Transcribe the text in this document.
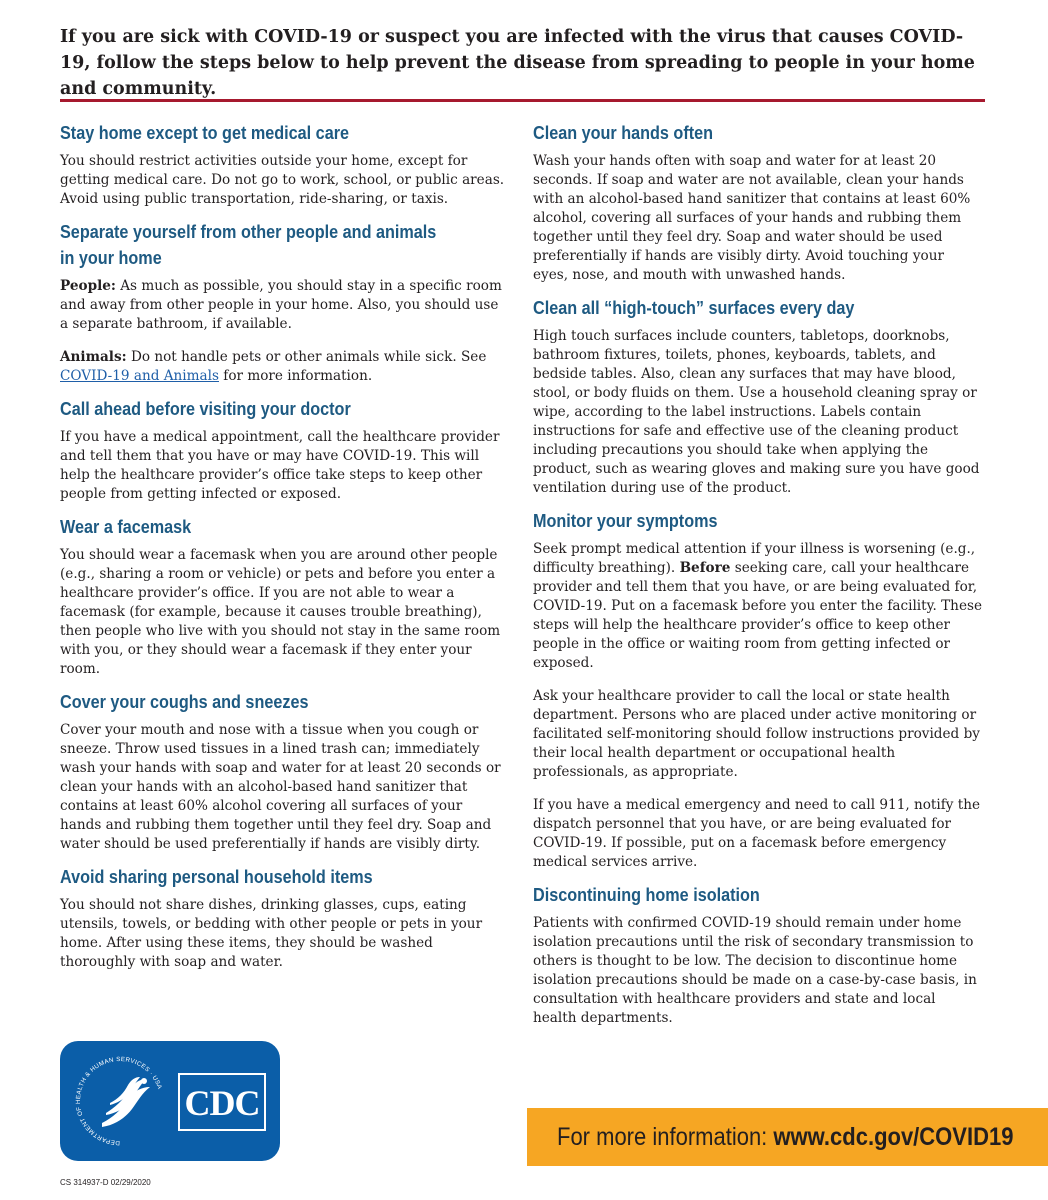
If you are sick with COVID-19 or suspect you are infected with the virus that causes COVID-19, follow the steps below to help prevent the disease from spreading to people in your home and community.
Stay home except to get medical care
You should restrict activities outside your home, except for getting medical care. Do not go to work, school, or public areas. Avoid using public transportation, ride-sharing, or taxis.
Separate yourself from other people and animals in your home
People: As much as possible, you should stay in a specific room and away from other people in your home. Also, you should use a separate bathroom, if available.
Animals: Do not handle pets or other animals while sick. See COVID-19 and Animals for more information.
Call ahead before visiting your doctor
If you have a medical appointment, call the healthcare provider and tell them that you have or may have COVID-19. This will help the healthcare provider’s office take steps to keep other people from getting infected or exposed.
Wear a facemask
You should wear a facemask when you are around other people (e.g., sharing a room or vehicle) or pets and before you enter a healthcare provider’s office. If you are not able to wear a facemask (for example, because it causes trouble breathing), then people who live with you should not stay in the same room with you, or they should wear a facemask if they enter your room.
Cover your coughs and sneezes
Cover your mouth and nose with a tissue when you cough or sneeze. Throw used tissues in a lined trash can; immediately wash your hands with soap and water for at least 20 seconds or clean your hands with an alcohol-based hand sanitizer that contains at least 60% alcohol covering all surfaces of your hands and rubbing them together until they feel dry. Soap and water should be used preferentially if hands are visibly dirty.
Avoid sharing personal household items
You should not share dishes, drinking glasses, cups, eating utensils, towels, or bedding with other people or pets in your home. After using these items, they should be washed thoroughly with soap and water.
Clean your hands often
Wash your hands often with soap and water for at least 20 seconds. If soap and water are not available, clean your hands with an alcohol-based hand sanitizer that contains at least 60% alcohol, covering all surfaces of your hands and rubbing them together until they feel dry. Soap and water should be used preferentially if hands are visibly dirty. Avoid touching your eyes, nose, and mouth with unwashed hands.
Clean all “high-touch” surfaces every day
High touch surfaces include counters, tabletops, doorknobs, bathroom fixtures, toilets, phones, keyboards, tablets, and bedside tables. Also, clean any surfaces that may have blood, stool, or body fluids on them. Use a household cleaning spray or wipe, according to the label instructions. Labels contain instructions for safe and effective use of the cleaning product including precautions you should take when applying the product, such as wearing gloves and making sure you have good ventilation during use of the product.
Monitor your symptoms
Seek prompt medical attention if your illness is worsening (e.g., difficulty breathing). Before seeking care, call your healthcare provider and tell them that you have, or are being evaluated for, COVID-19. Put on a facemask before you enter the facility. These steps will help the healthcare provider’s office to keep other people in the office or waiting room from getting infected or exposed.
Ask your healthcare provider to call the local or state health department. Persons who are placed under active monitoring or facilitated self-monitoring should follow instructions provided by their local health department or occupational health professionals, as appropriate.
If you have a medical emergency and need to call 911, notify the dispatch personnel that you have, or are being evaluated for COVID-19. If possible, put on a facemask before emergency medical services arrive.
Discontinuing home isolation
Patients with confirmed COVID-19 should remain under home isolation precautions until the risk of secondary transmission to others is thought to be low. The decision to discontinue home isolation precautions should be made on a case-by-case basis, in consultation with healthcare providers and state and local health departments.
DEPARTMENT OF HEALTH & HUMAN SERVICES · USA CDC
CS 314937-D 02/29/2020
For more information: www.cdc.gov/COVID19
